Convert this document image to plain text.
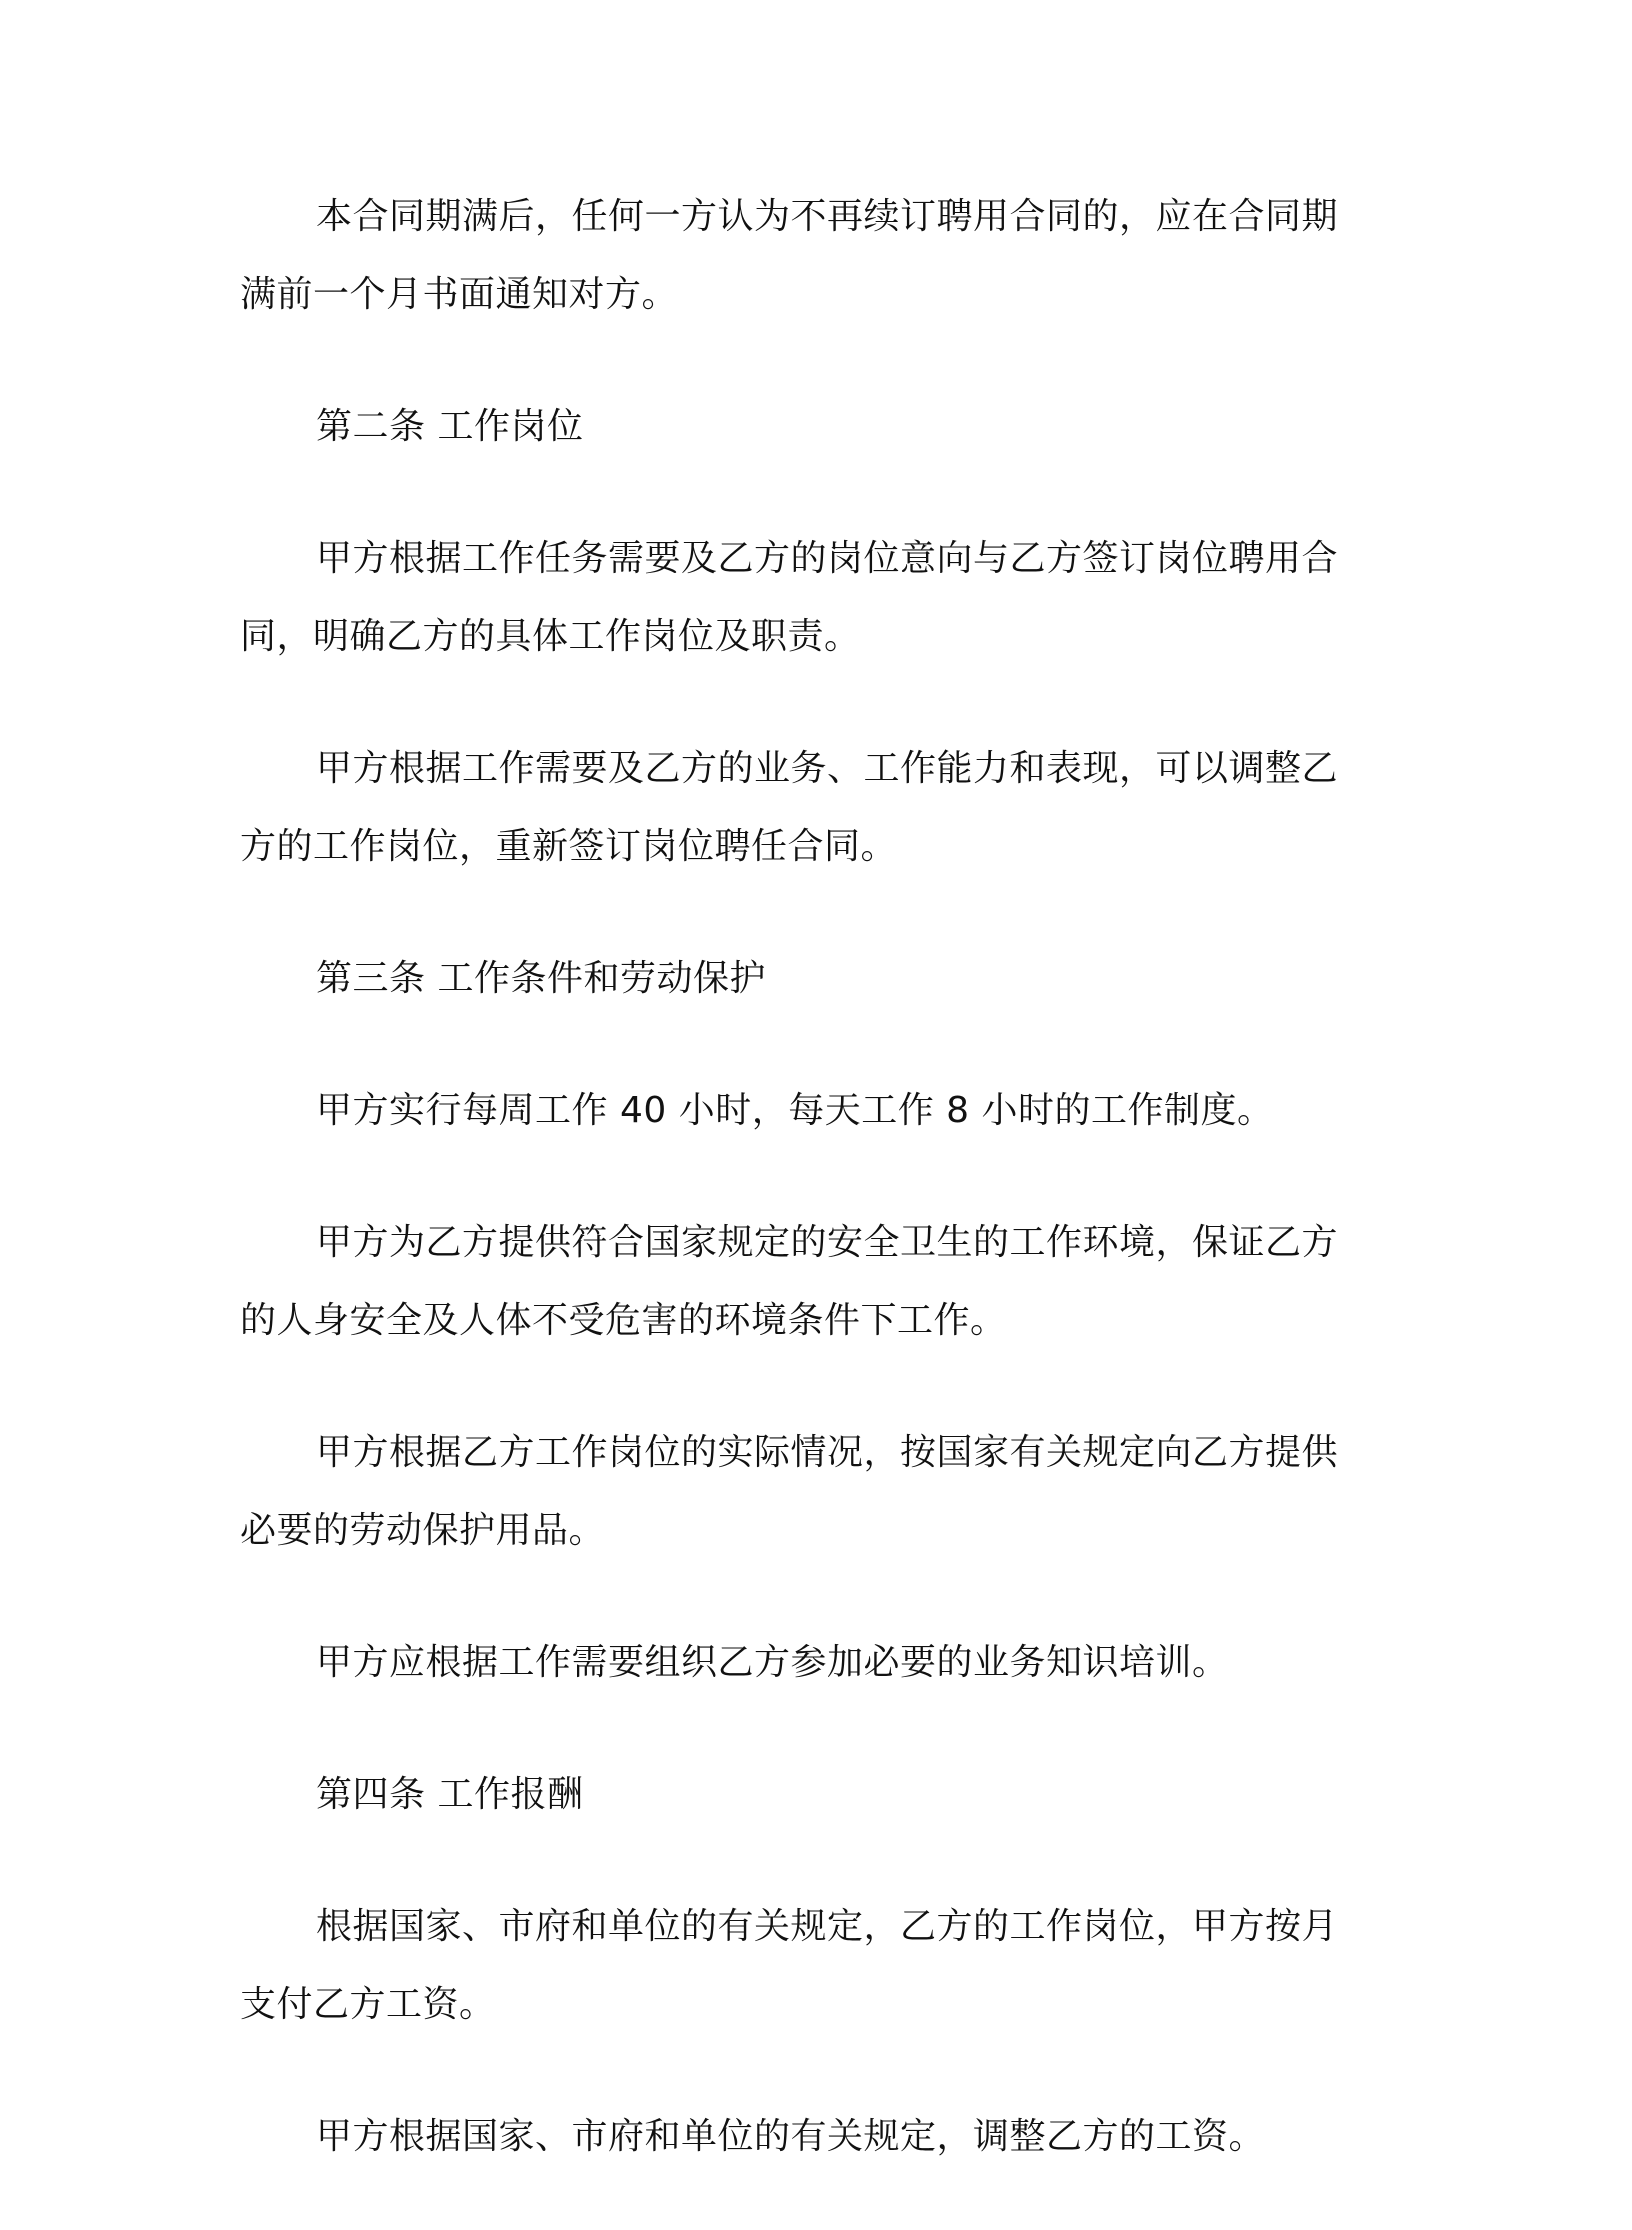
本合同期满后，任何一方认为不再续订聘用合同的，应在合同期满前一个月书面通知对方。

第二条 工作岗位

甲方根据工作任务需要及乙方的岗位意向与乙方签订岗位聘用合同，明确乙方的具体工作岗位及职责。

甲方根据工作需要及乙方的业务、工作能力和表现，可以调整乙方的工作岗位，重新签订岗位聘任合同。

第三条 工作条件和劳动保护

甲方实行每周工作 40 小时，每天工作 8 小时的工作制度。

甲方为乙方提供符合国家规定的安全卫生的工作环境，保证乙方的人身安全及人体不受危害的环境条件下工作。

甲方根据乙方工作岗位的实际情况，按国家有关规定向乙方提供必要的劳动保护用品。

甲方应根据工作需要组织乙方参加必要的业务知识培训。

第四条 工作报酬

根据国家、市府和单位的有关规定，乙方的工作岗位，甲方按月支付乙方工资。

甲方根据国家、市府和单位的有关规定，调整乙方的工资。
